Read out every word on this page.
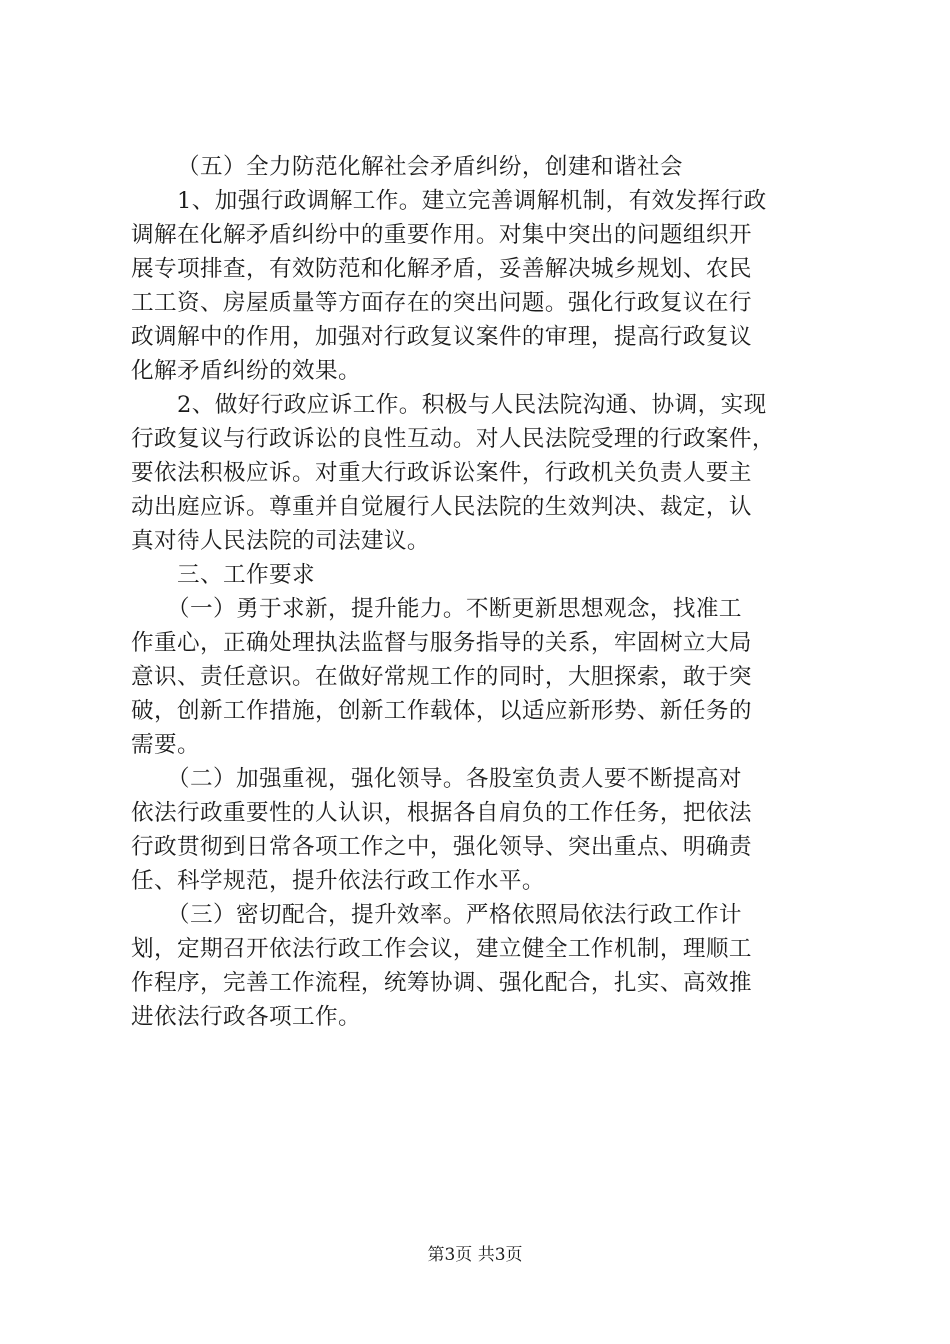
（五）全力防范化解社会矛盾纠纷，创建和谐社会
1、加强行政调解工作。建立完善调解机制，有效发挥行政
调解在化解矛盾纠纷中的重要作用。对集中突出的问题组织开
展专项排查，有效防范和化解矛盾，妥善解决城乡规划、农民
工工资、房屋质量等方面存在的突出问题。强化行政复议在行
政调解中的作用，加强对行政复议案件的审理，提高行政复议
化解矛盾纠纷的效果。
2、做好行政应诉工作。积极与人民法院沟通、协调，实现
行政复议与行政诉讼的良性互动。对人民法院受理的行政案件，
要依法积极应诉。对重大行政诉讼案件，行政机关负责人要主
动出庭应诉。尊重并自觉履行人民法院的生效判决、裁定，认
真对待人民法院的司法建议。
三、工作要求
（一）勇于求新，提升能力。不断更新思想观念，找准工
作重心，正确处理执法监督与服务指导的关系，牢固树立大局
意识、责任意识。在做好常规工作的同时，大胆探索，敢于突
破，创新工作措施，创新工作载体，以适应新形势、新任务的
需要。
（二）加强重视，强化领导。各股室负责人要不断提高对
依法行政重要性的人认识，根据各自肩负的工作任务，把依法
行政贯彻到日常各项工作之中，强化领导、突出重点、明确责
任、科学规范，提升依法行政工作水平。
（三）密切配合，提升效率。严格依照局依法行政工作计
划，定期召开依法行政工作会议，建立健全工作机制，理顺工
作程序，完善工作流程，统筹协调、强化配合，扎实、高效推
进依法行政各项工作。
第3页 共3页
